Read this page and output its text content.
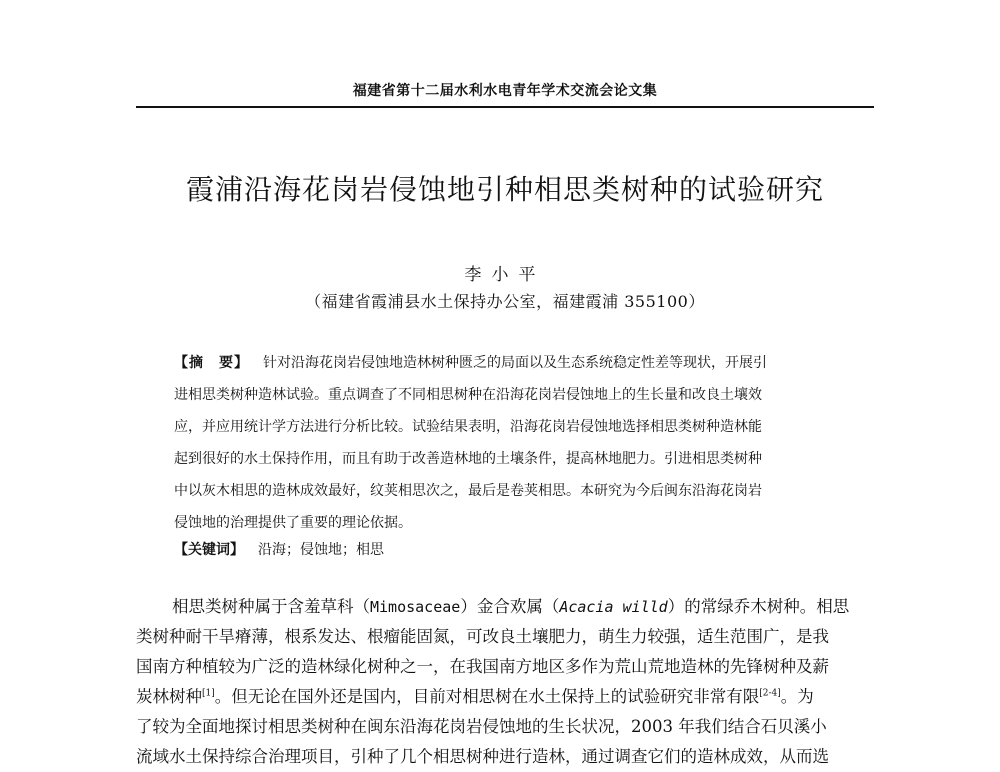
福建省第十二届水利水电青年学术交流会论文集
霞浦沿海花岗岩侵蚀地引种相思类树种的试验研究
李小平
（福建省霞浦县水土保持办公室，福建霞浦 355100）
【摘　要】 针对沿海花岗岩侵蚀地造林树种匮乏的局面以及生态系统稳定性差等现状，开展引
进相思类树种造林试验。重点调查了不同相思树种在沿海花岗岩侵蚀地上的生长量和改良土壤效
应，并应用统计学方法进行分析比较。试验结果表明，沿海花岗岩侵蚀地选择相思类树种造林能
起到很好的水土保持作用，而且有助于改善造林地的土壤条件，提高林地肥力。引进相思类树种
中以灰木相思的造林成效最好，纹荚相思次之，最后是卷荚相思。本研究为今后闽东沿海花岗岩
侵蚀地的治理提供了重要的理论依据。
【关键词】 沿海；侵蚀地；相思
相思类树种属于含羞草科（Mimosaceae）金合欢属（Acacia willd）的常绿乔木树种。相思
类树种耐干旱瘠薄，根系发达、根瘤能固氮，可改良土壤肥力，萌生力较强，适生范围广，是我
国南方种植较为广泛的造林绿化树种之一，在我国南方地区多作为荒山荒地造林的先锋树种及薪
炭林树种[1]。但无论在国外还是国内，目前对相思树在水土保持上的试验研究非常有限[2-4]。为
了较为全面地探讨相思类树种在闽东沿海花岗岩侵蚀地的生长状况，2003 年我们结合石贝溪小
流域水土保持综合治理项目，引种了几个相思树种进行造林，通过调查它们的造林成效，从而选
